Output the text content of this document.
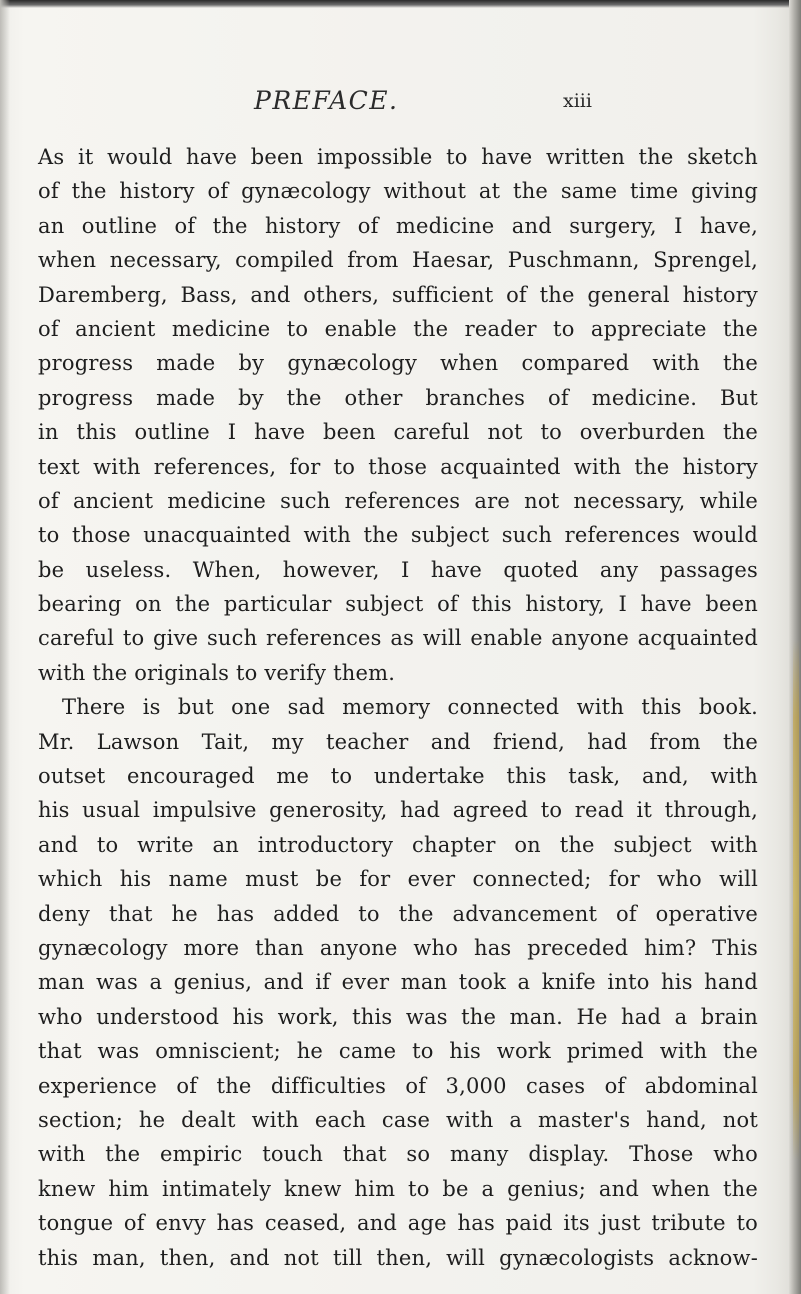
PREFACE.	xiii
As it would have been impossible to have written the sketch
of the history of gynæcology without at the same time giving
an outline of the history of medicine and surgery, I have,
when necessary, compiled from Haesar, Puschmann, Sprengel,
Daremberg, Bass, and others, sufficient of the general history
of ancient medicine to enable the reader to appreciate the
progress made by gynæcology when compared with the
progress made by the other branches of medicine. But
in this outline I have been careful not to overburden the
text with references, for to those acquainted with the history
of ancient medicine such references are not necessary, while
to those unacquainted with the subject such references would
be useless. When, however, I have quoted any passages
bearing on the particular subject of this history, I have been
careful to give such references as will enable anyone acquainted
with the originals to verify them.
There is but one sad memory connected with this book.
Mr. Lawson Tait, my teacher and friend, had from the
outset encouraged me to undertake this task, and, with
his usual impulsive generosity, had agreed to read it through,
and to write an introductory chapter on the subject with
which his name must be for ever connected; for who will
deny that he has added to the advancement of operative
gynæcology more than anyone who has preceded him? This
man was a genius, and if ever man took a knife into his hand
who understood his work, this was the man. He had a brain
that was omniscient; he came to his work primed with the
experience of the difficulties of 3,000 cases of abdominal
section; he dealt with each case with a master's hand, not
with the empiric touch that so many display. Those who
knew him intimately knew him to be a genius; and when the
tongue of envy has ceased, and age has paid its just tribute to
this man, then, and not till then, will gynæcologists acknow-
